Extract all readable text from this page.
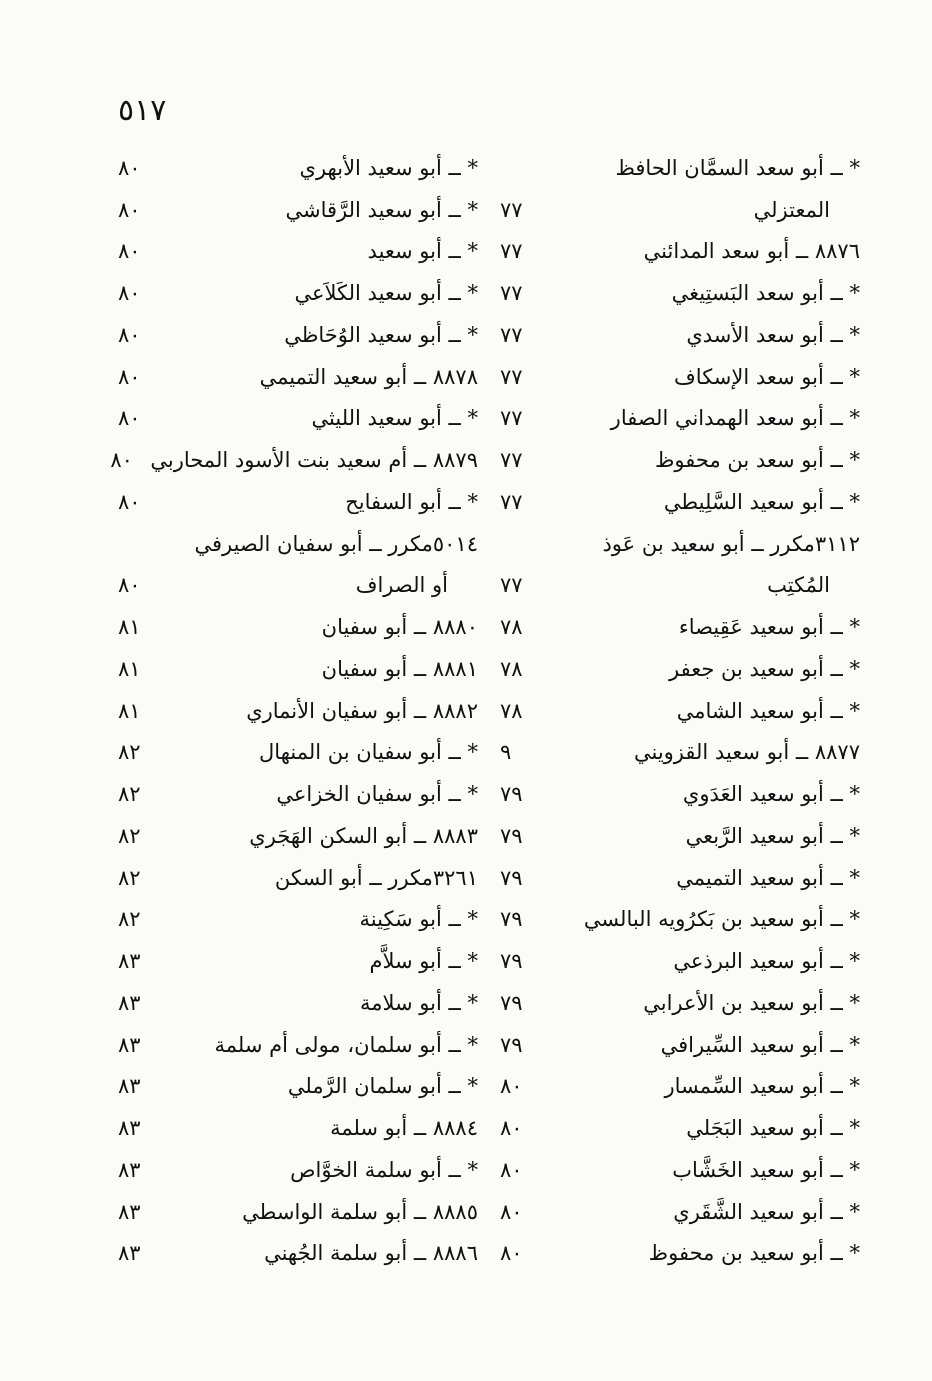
٥١٧
* ــ أبو سعد السمَّان الحافظ
المعتزلي
٧٧
٨٨٧٦ ــ أبو سعد المدائني
٧٧
* ــ أبو سعد البَستِيغي
٧٧
* ــ أبو سعد الأسدي
٧٧
* ــ أبو سعد الإسكاف
٧٧
* ــ أبو سعد الهمداني الصفار
٧٧
* ــ أبو سعد بن محفوظ
٧٧
* ــ أبو سعيد السَّلِيطي
٧٧
٣١١٢مكرر ــ أبو سعيد بن عَوذ
المُكتِب
٧٧
* ــ أبو سعيد عَقِيصاء
٧٨
* ــ أبو سعيد بن جعفر
٧٨
* ــ أبو سعيد الشامي
٧٨
٨٨٧٧ ــ أبو سعيد القزويني
٩
* ــ أبو سعيد العَدَوي
٧٩
* ــ أبو سعيد الرَّبعي
٧٩
* ــ أبو سعيد التميمي
٧٩
* ــ أبو سعيد بن بَكرُويه البالسي
٧٩
* ــ أبو سعيد البرذعي
٧٩
* ــ أبو سعيد بن الأعرابي
٧٩
* ــ أبو سعيد السِّيرافي
٧٩
* ــ أبو سعيد السِّمسار
٨٠
* ــ أبو سعيد البَجَلي
٨٠
* ــ أبو سعيد الخَشَّاب
٨٠
* ــ أبو سعيد الشَّقَري
٨٠
* ــ أبو سعيد بن محفوظ
٨٠
* ــ أبو سعيد الأبهري
٨٠
* ــ أبو سعيد الرَّقاشي
٨٠
* ــ أبو سعيد
٨٠
* ــ أبو سعيد الكَلاَعي
٨٠
* ــ أبو سعيد الوُحَاظي
٨٠
٨٨٧٨ ــ أبو سعيد التميمي
٨٠
* ــ أبو سعيد الليثي
٨٠
٨٨٧٩ ــ أم سعيد بنت الأسود المحاربي
٨٠
* ــ أبو السفايح
٨٠
٥٠١٤مكرر ــ أبو سفيان الصيرفي
أو الصراف
٨٠
٨٨٨٠ ــ أبو سفيان
٨١
٨٨٨١ ــ أبو سفيان
٨١
٨٨٨٢ ــ أبو سفيان الأنماري
٨١
* ــ أبو سفيان بن المنهال
٨٢
* ــ أبو سفيان الخزاعي
٨٢
٨٨٨٣ ــ أبو السكن الهَجَري
٨٢
٣٢٦١مكرر ــ أبو السكن
٨٢
* ــ أبو سَكِينة
٨٢
* ــ أبو سلاَّم
٨٣
* ــ أبو سلامة
٨٣
* ــ أبو سلمان، مولى أم سلمة
٨٣
* ــ أبو سلمان الرَّملي
٨٣
٨٨٨٤ ــ أبو سلمة
٨٣
* ــ أبو سلمة الخوَّاص
٨٣
٨٨٨٥ ــ أبو سلمة الواسطي
٨٣
٨٨٨٦ ــ أبو سلمة الجُهني
٨٣
